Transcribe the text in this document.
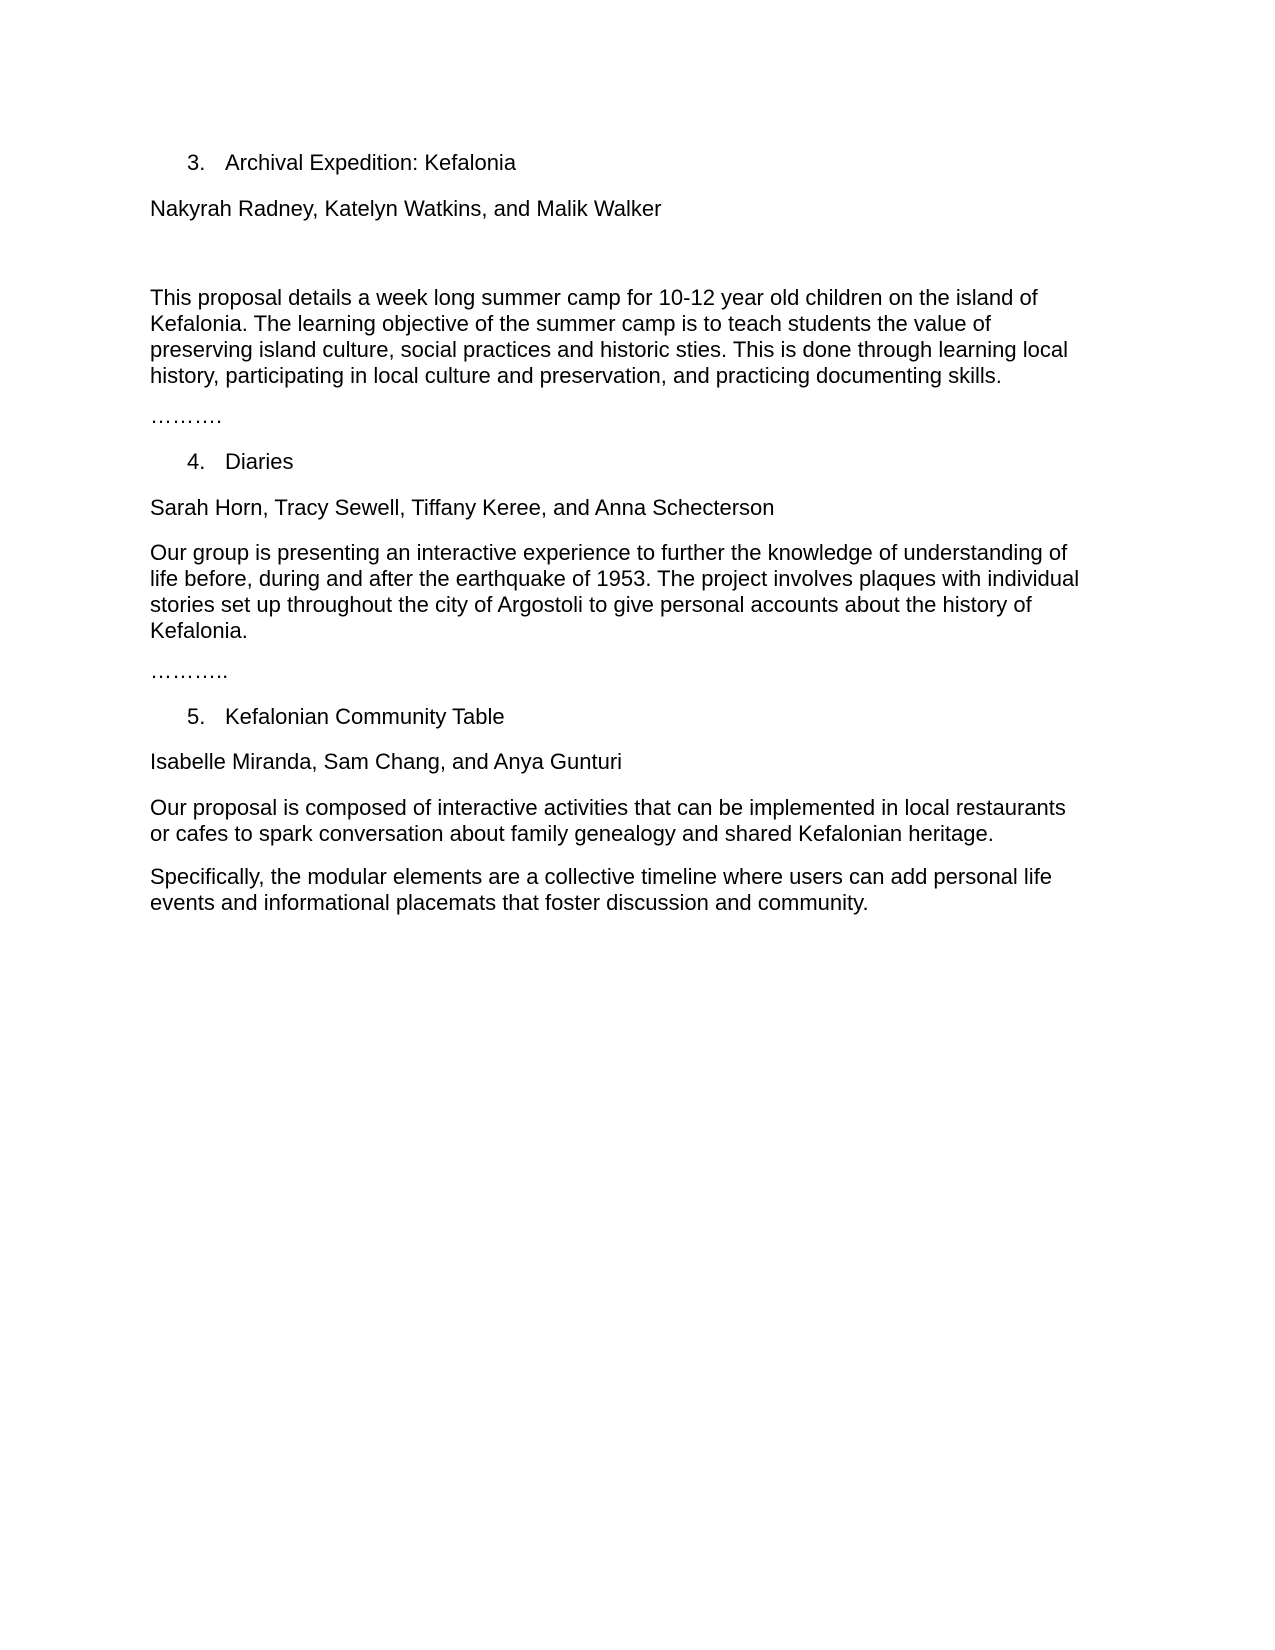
3. Archival Expedition: Kefalonia
Nakyrah Radney, Katelyn Watkins, and Malik Walker
This proposal details a week long summer camp for 10-12 year old children on the island of
Kefalonia. The learning objective of the summer camp is to teach students the value of
preserving island culture, social practices and historic sties. This is done through learning local
history, participating in local culture and preservation, and practicing documenting skills.
……….
4. Diaries
Sarah Horn, Tracy Sewell, Tiffany Keree, and Anna Schecterson
Our group is presenting an interactive experience to further the knowledge of understanding of
life before, during and after the earthquake of 1953. The project involves plaques with individual
stories set up throughout the city of Argostoli to give personal accounts about the history of
Kefalonia.
………..
5. Kefalonian Community Table
Isabelle Miranda, Sam Chang, and Anya Gunturi
Our proposal is composed of interactive activities that can be implemented in local restaurants
or cafes to spark conversation about family genealogy and shared Kefalonian heritage.
Specifically, the modular elements are a collective timeline where users can add personal life
events and informational placemats that foster discussion and community.
